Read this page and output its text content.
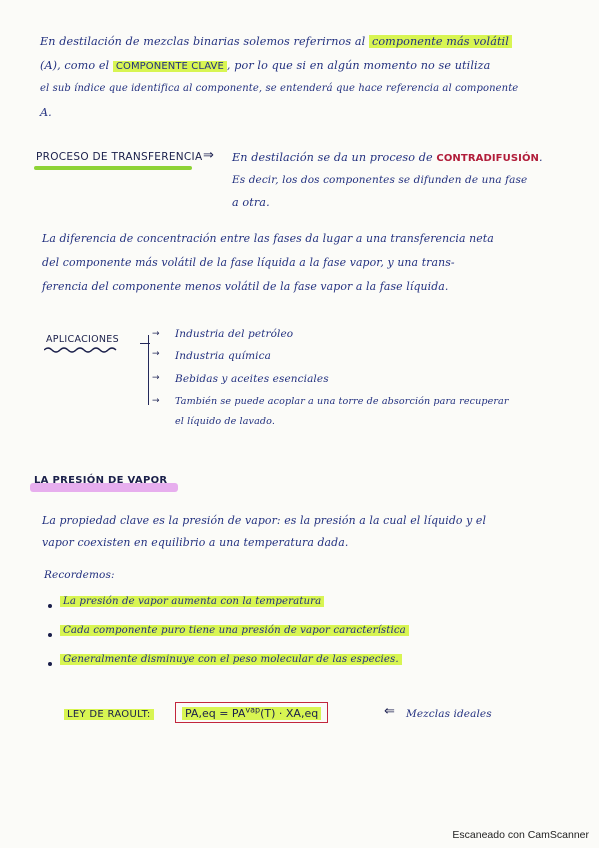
En destilación de mezclas binarias solemos referirnos al componente más volátil
(A), como el COMPONENTE CLAVE , por lo que si en algún momento no se utiliza
el sub índice que identifica al componente, se entenderá que hace referencia al componente
A.
PROCESO DE TRANSFERENCIA ⇒ En destilación se da un proceso de CONTRADIFUSIÓN.
Es decir, los dos componentes se difunden de una fase
a otra.
La diferencia de concentración entre las fases da lugar a una transferencia neta
del componente más volátil de la fase líquida a la fase vapor, y una trans-
ferencia del componente menos volátil de la fase vapor a la fase líquida.
APLICACIONES	→
→
→
→
Industria del petróleo
Industria química
Bebidas y aceites esenciales
También se puede acoplar a una torre de absorción para recuperar
el líquido de lavado.
LA PRESIÓN DE VAPOR
La propiedad clave es la presión de vapor: es la presión a la cual el líquido y el
vapor coexisten en equilibrio a una temperatura dada.
Recordemos:
La presión de vapor aumenta con la temperatura
Cada componente puro tiene una presión de vapor característica
Generalmente disminuye con el peso molecular de las especies.
LEY DE RAOULT:	$PA,eq = PA^{vap}(T) \cdot XA,eq$	⇐ Mezclas ideales
Escaneado con CamScanner
